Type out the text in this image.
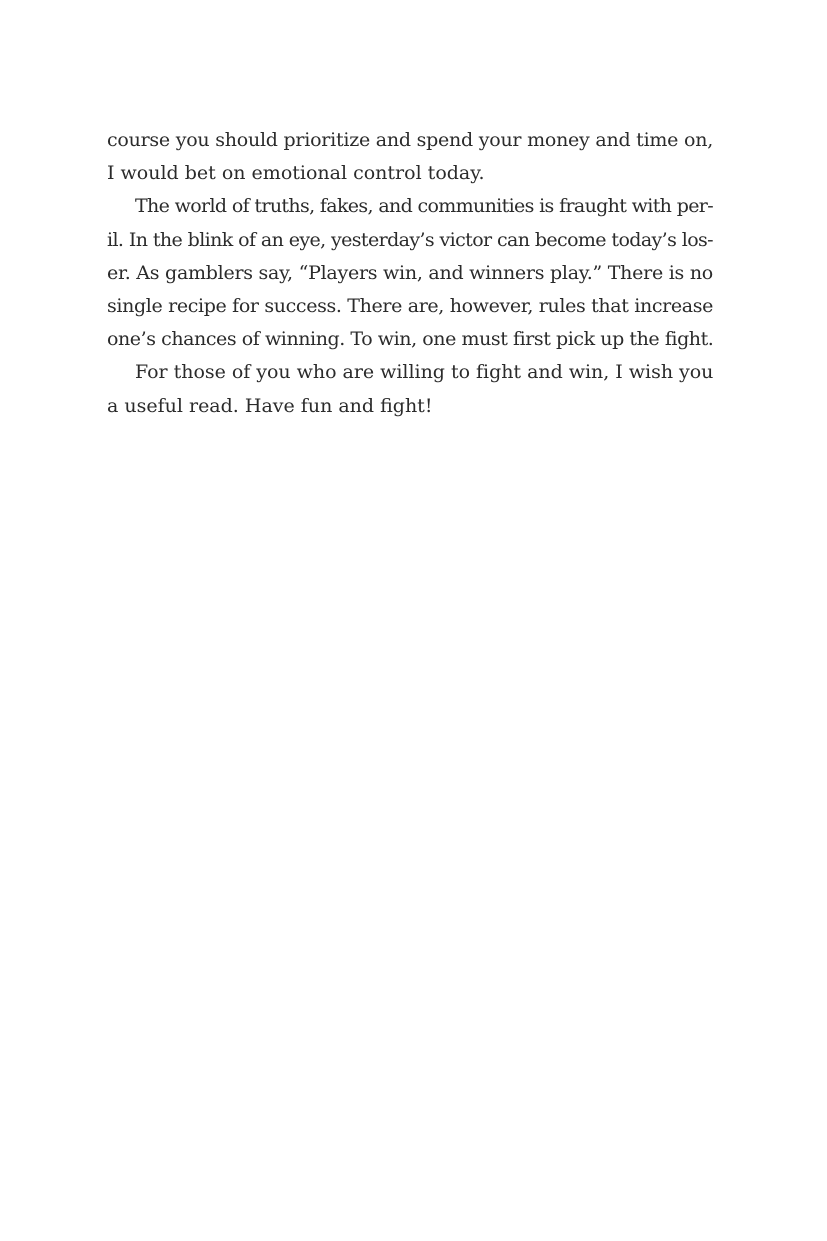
course you should prioritize and spend your money and time on,
I would bet on emotional control today.
The world of truths, fakes, and communities is fraught with per-
il. In the blink of an eye, yesterday’s victor can become today’s los-
er. As gamblers say, “Players win, and winners play.” There is no
single recipe for success. There are, however, rules that increase
one’s chances of winning. To win, one must first pick up the fight.
For those of you who are willing to fight and win, I wish you
a useful read. Have fun and fight!
